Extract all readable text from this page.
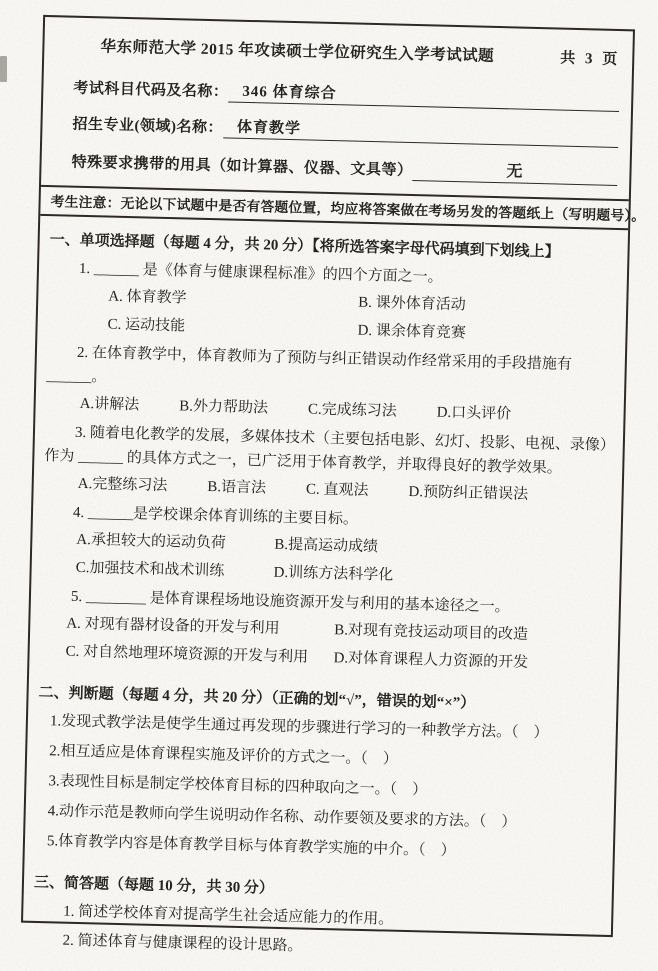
华东师范大学 2015 年攻读硕士学位研究生入学考试试题	共 3 页
考试科目代码及名称： 346 体育综合
招生专业(领域)名称： 体育教学
特殊要求携带的用具（如计算器、仪器、文具等）	无
考生注意：无论以下试题中是否有答题位置，均应将答案做在考场另发的答题纸上（写明题号）。
一、单项选择题（每题 4 分，共 20 分）【将所选答案字母代码填到下划线上】

1. ______ 是《体育与健康课程标准》的四个方面之一。

A. 体育教学	B. 课外体育活动
C. 运动技能	D. 课余体育竞赛

2. 在体育教学中，体育教师为了预防与纠正错误动作经常采用的手段措施有______。

A.讲解法	B.外力帮助法	C.完成练习法	D.口头评价

3. 随着电化教学的发展，多媒体技术（主要包括电影、幻灯、投影、电视、录像）作为 ______ 的具体方式之一，已广泛用于体育教学，并取得良好的教学效果。

A.完整练习法	B.语言法	C. 直观法	D.预防纠正错误法

4. ______是学校课余体育训练的主要目标。

A.承担较大的运动负荷	B.提高运动成绩
C.加强技术和战术训练	D.训练方法科学化

5. ________ 是体育课程场地设施资源开发与利用的基本途径之一。

A. 对现有器材设备的开发与利用	B.对现有竞技运动项目的改造
C. 对自然地理环境资源的开发与利用	D.对体育课程人力资源的开发
二、判断题（每题 4 分，共 20 分）（正确的划“√”，错误的划“×”）

1.发现式教学法是使学生通过再发现的步骤进行学习的一种教学方法。（　）

2.相互适应是体育课程实施及评价的方式之一。（　）

3.表现性目标是制定学校体育目标的四种取向之一。（　）

4.动作示范是教师向学生说明动作名称、动作要领及要求的方法。（　）

5.体育教学内容是体育教学目标与体育教学实施的中介。（　）

三、简答题（每题 10 分，共 30 分）

1. 简述学校体育对提高学生社会适应能力的作用。

2. 简述体育与健康课程的设计思路。
